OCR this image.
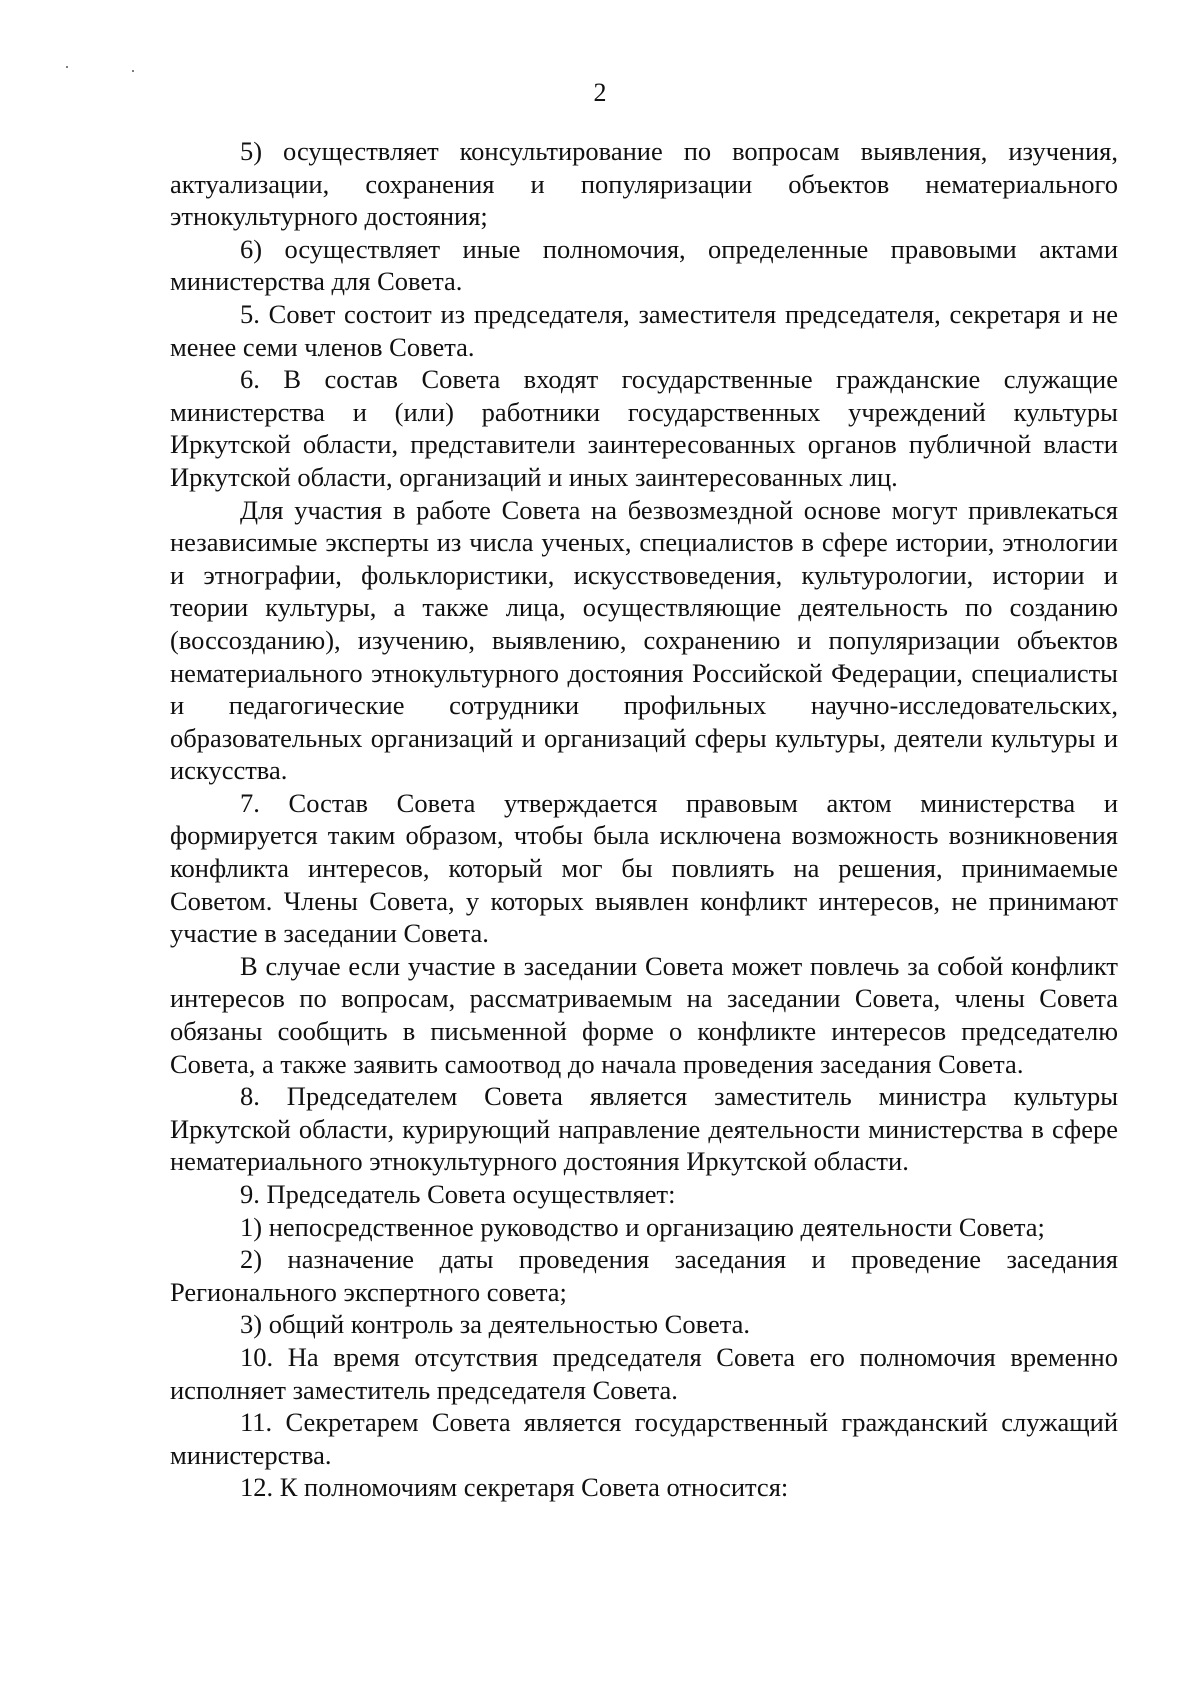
2

5) осуществляет консультирование по вопросам выявления, изучения, актуализации, сохранения и популяризации объектов нематериального этнокультурного достояния;

6) осуществляет иные полномочия, определенные правовыми актами министерства для Совета.

5. Совет состоит из председателя, заместителя председателя, секретаря и не менее семи членов Совета.

6. В состав Совета входят государственные гражданские служащие министерства и (или) работники государственных учреждений культуры Иркутской области, представители заинтересованных органов публичной власти Иркутской области, организаций и иных заинтересованных лиц.

Для участия в работе Совета на безвозмездной основе могут привлекаться независимые эксперты из числа ученых, специалистов в сфере истории, этнологии и этнографии, фольклористики, искусствоведения, культурологии, истории и теории культуры, а также лица, осуществляющие деятельность по созданию (воссозданию), изучению, выявлению, сохранению и популяризации объектов нематериального этнокультурного достояния Российской Федерации, специалисты и педагогические сотрудники профильных научно-исследовательских, образовательных организаций и организаций сферы культуры, деятели культуры и искусства.

7. Состав Совета утверждается правовым актом министерства и формируется таким образом, чтобы была исключена возможность возникновения конфликта интересов, который мог бы повлиять на решения, принимаемые Советом. Члены Совета, у которых выявлен конфликт интересов, не принимают участие в заседании Совета.

В случае если участие в заседании Совета может повлечь за собой конфликт интересов по вопросам, рассматриваемым на заседании Совета, члены Совета обязаны сообщить в письменной форме о конфликте интересов председателю Совета, а также заявить самоотвод до начала проведения заседания Совета.

8. Председателем Совета является заместитель министра культуры Иркутской области, курирующий направление деятельности министерства в сфере нематериального этнокультурного достояния Иркутской области.

9. Председатель Совета осуществляет:

1) непосредственное руководство и организацию деятельности Совета;

2) назначение даты проведения заседания и проведение заседания Регионального экспертного совета;

3) общий контроль за деятельностью Совета.

10. На время отсутствия председателя Совета его полномочия временно исполняет заместитель председателя Совета.

11. Секретарем Совета является государственный гражданский служащий министерства.

12. К полномочиям секретаря Совета относится:
